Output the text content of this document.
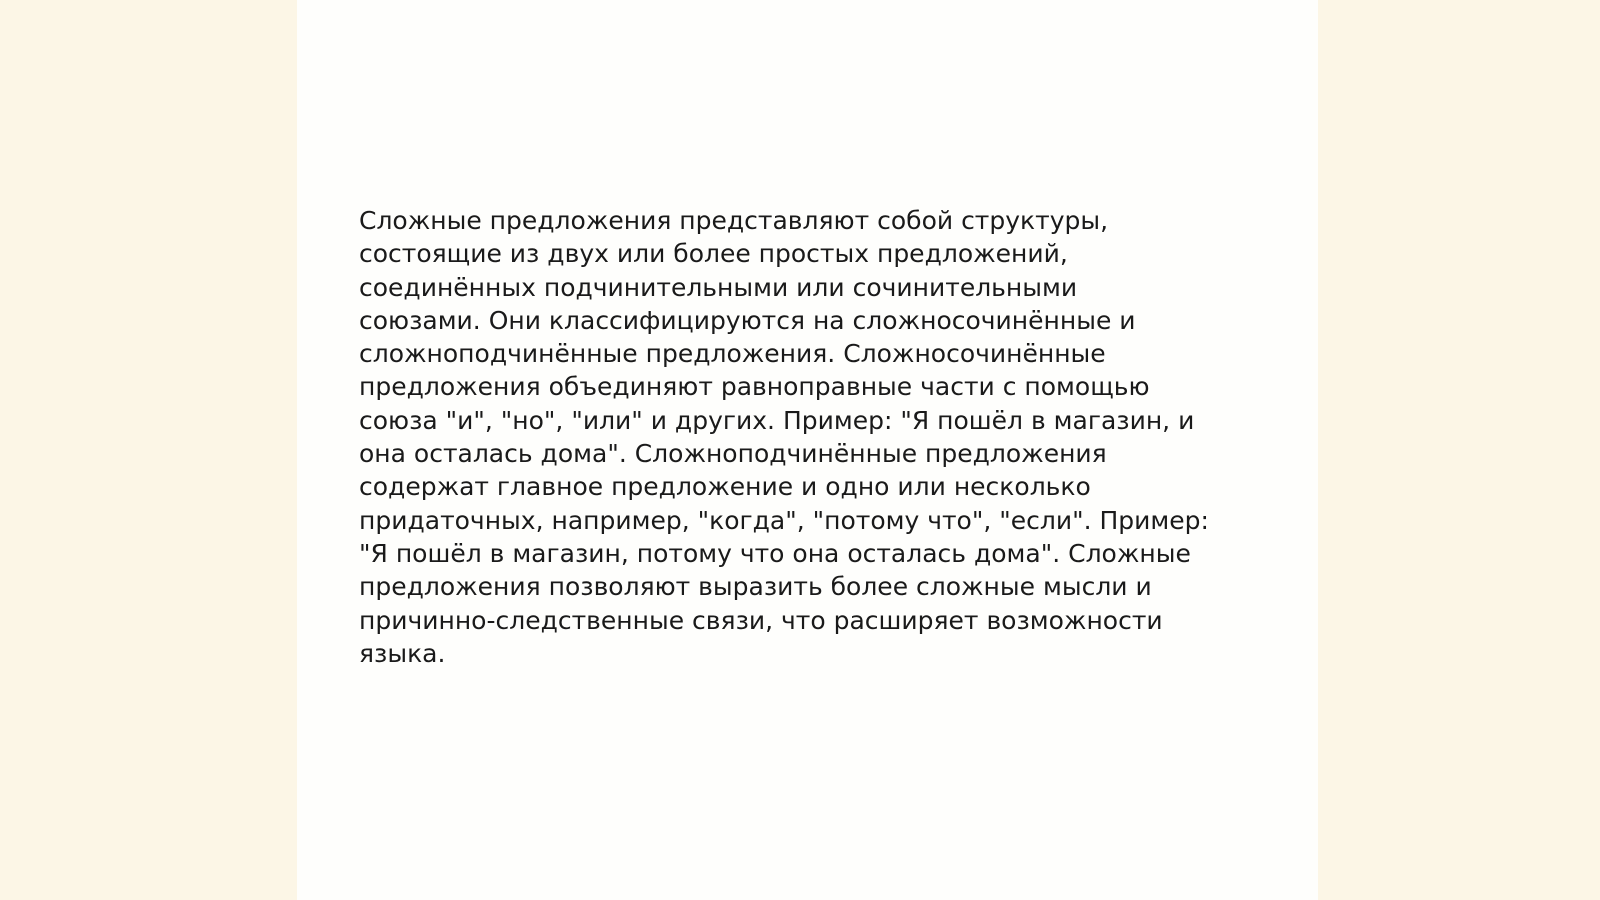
Сложные предложения представляют собой структуры,
состоящие из двух или более простых предложений,
соединённых подчинительными или сочинительными
союзами. Они классифицируются на сложносочинённые и
сложноподчинённые предложения. Сложносочинённые
предложения объединяют равноправные части с помощью
союза "и", "но", "или" и других. Пример: "Я пошёл в магазин, и
она осталась дома". Сложноподчинённые предложения
содержат главное предложение и одно или несколько
придаточных, например, "когда", "потому что", "если". Пример:
"Я пошёл в магазин, потому что она осталась дома". Сложные
предложения позволяют выразить более сложные мысли и
причинно-следственные связи, что расширяет возможности
языка.
